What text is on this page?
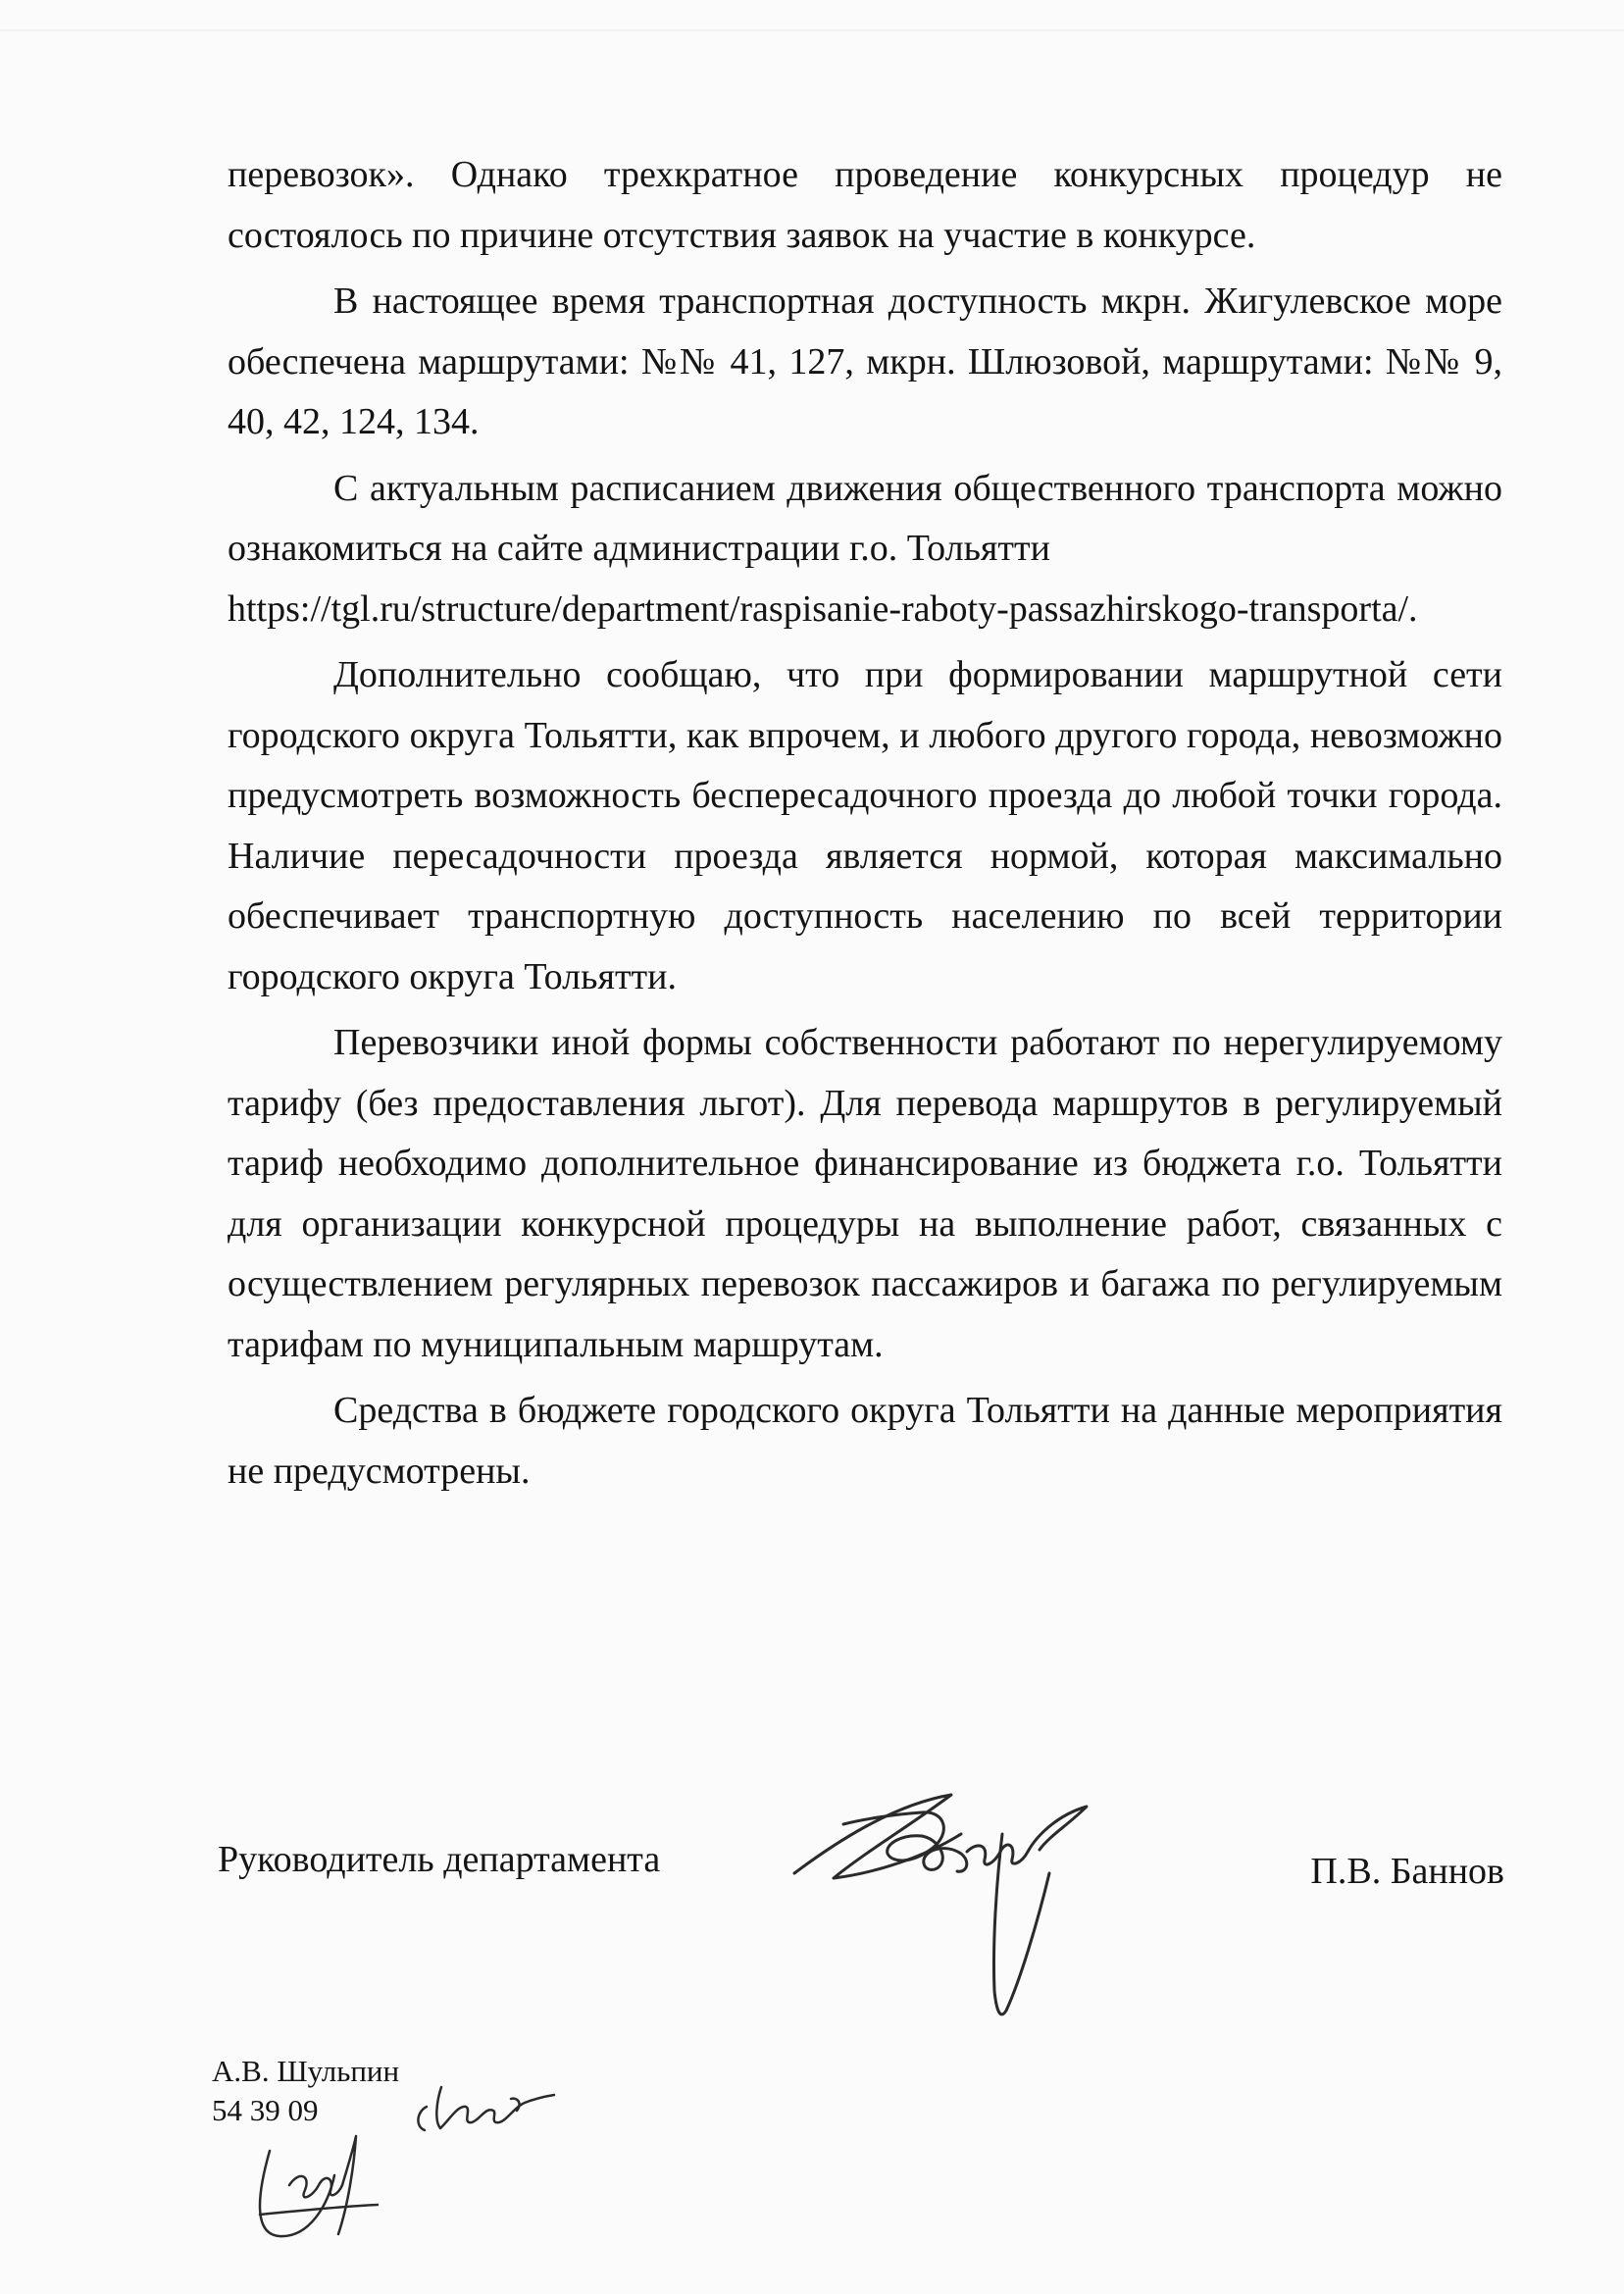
перевозок». Однако трехкратное проведение конкурсных процедур не состоялось по причине отсутствия заявок на участие в конкурсе.

В настоящее время транспортная доступность мкрн. Жигулевское море обеспечена маршрутами: №№ 41, 127, мкрн. Шлюзовой, маршрутами: №№ 9, 40, 42, 124, 134.

С актуальным расписанием движения общественного транспорта можно ознакомиться на сайте администрации г.о. Тольятти
https://tgl.ru/structure/department/raspisanie-raboty-passazhirskogo-transporta/.

Дополнительно сообщаю, что при формировании маршрутной сети городского округа Тольятти, как впрочем, и любого другого города, невозможно предусмотреть возможность беспересадочного проезда до любой точки города. Наличие пересадочности проезда является нормой, которая максимально обеспечивает транспортную доступность населению по всей территории городского округа Тольятти.

Перевозчики иной формы собственности работают по нерегулируемому тарифу (без предоставления льгот). Для перевода маршрутов в регулируемый тариф необходимо дополнительное финансирование из бюджета г.о. Тольятти для организации конкурсной процедуры на выполнение работ, связанных с осуществлением регулярных перевозок пассажиров и багажа по регулируемым тарифам по муниципальным маршрутам.

Средства в бюджете городского округа Тольятти на данные мероприятия не предусмотрены.

Руководитель департамента	П.В. Баннов
А.В. Шульпин
54 39 09
